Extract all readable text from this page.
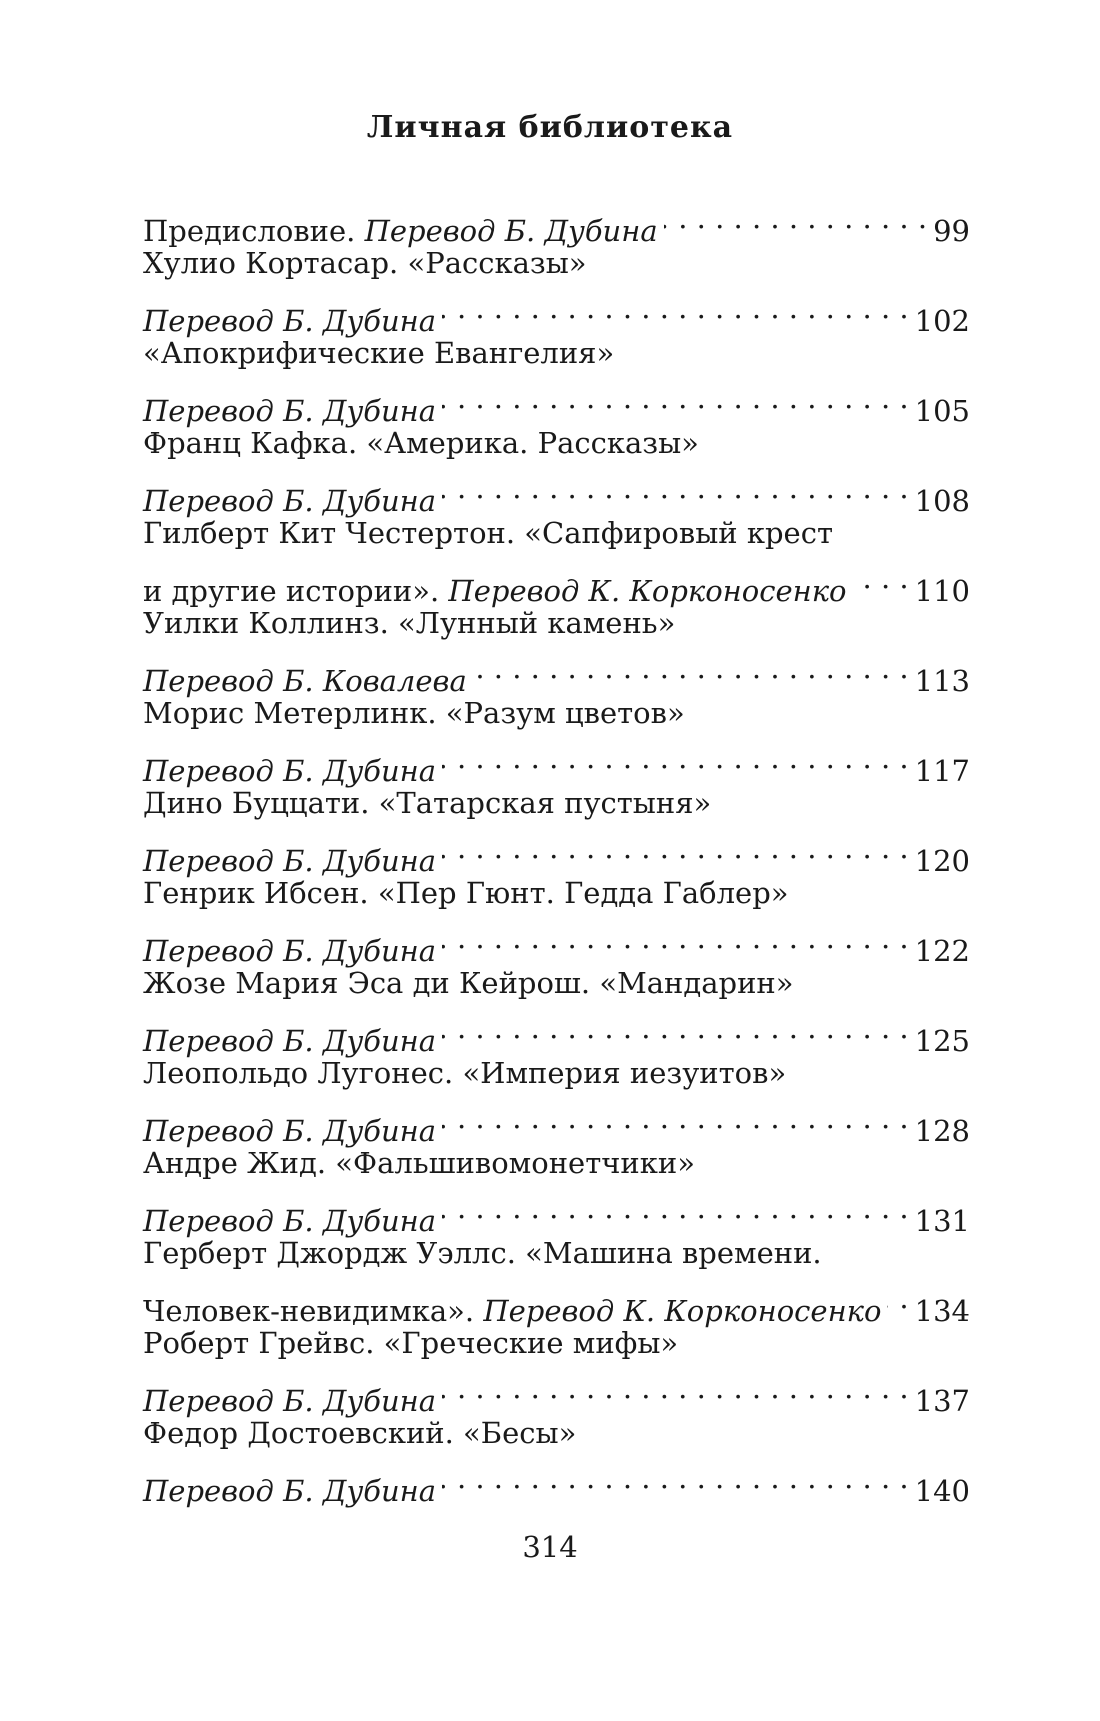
Личная библиотека
Предисловие. Перевод Б. Дубина . . .	99
Хулио Кортасар. «Рассказы»
Перевод Б. Дубина . . .	102
«Апокрифические Евангелия»
Перевод Б. Дубина . . .	105
Франц Кафка. «Америка. Рассказы»
Перевод Б. Дубина . . .	108
Гилберт Кит Честертон. «Сапфировый крест
и другие истории». Перевод К. Корконосенко . . . 110
Уилки Коллинз. «Лунный камень»
Перевод Б. Ковалева . . .	113
Морис Метерлинк. «Разум цветов»
Перевод Б. Дубина . . .	117
Дино Буццати. «Татарская пустыня»
Перевод Б. Дубина . . .	120
Генрик Ибсен. «Пер Гюнт. Гедда Габлер»
Перевод Б. Дубина . . .	122
Жозе Мария Эса ди Кейрош. «Мандарин»
Перевод Б. Дубина . . .	125
Леопольдо Лугонес. «Империя иезуитов»
Перевод Б. Дубина . . .	128
Андре Жид. «Фальшивомонетчики»
Перевод Б. Дубина . . .	131
Герберт Джордж Уэллс. «Машина времени.
Человек-невидимка». Перевод К. Корконосенко . . . 134
Роберт Грейвс. «Греческие мифы»
Перевод Б. Дубина . . .	137
Федор Достоевский. «Бесы»
Перевод Б. Дубина . . .	140
314
